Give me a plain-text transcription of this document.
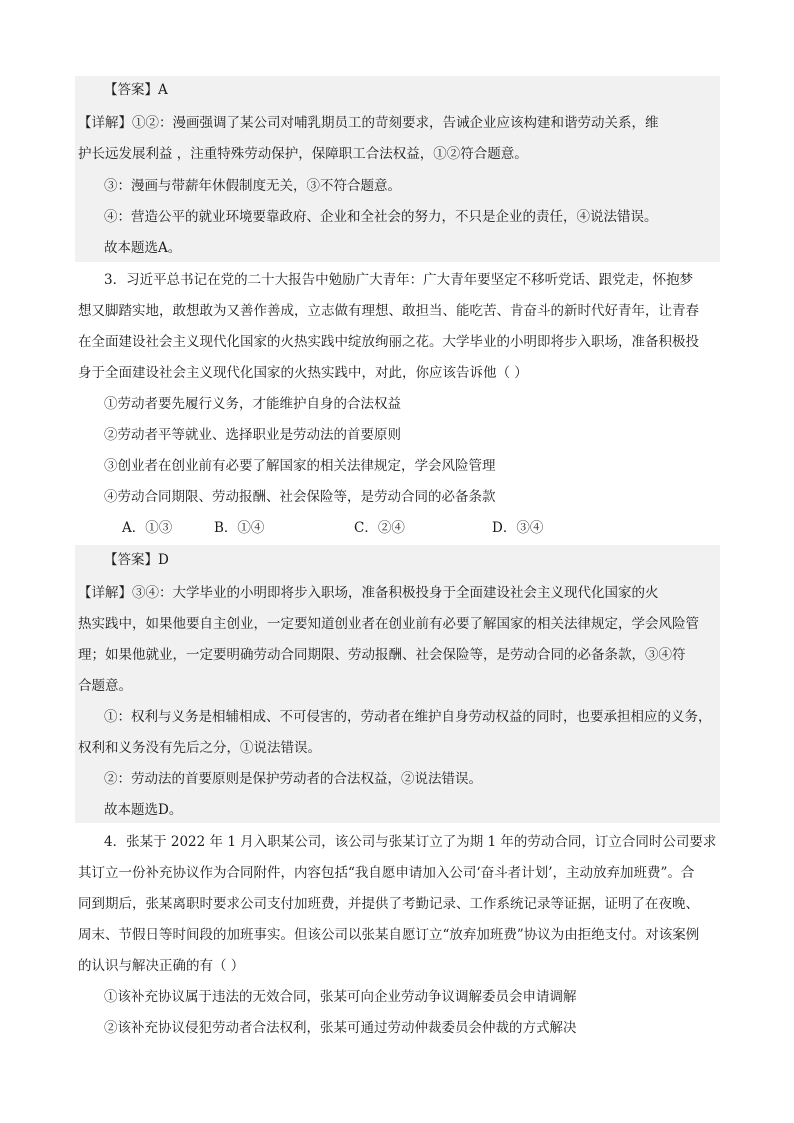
【答案】A
【详解】①②：漫画强调了某公司对哺乳期员工的苛刻要求，告诫企业应该构建和谐劳动关系，维
护长远发展利益 ，注重特殊劳动保护，保障职工合法权益，①②符合题意。
③：漫画与带薪年休假制度无关，③不符合题意。
④：营造公平的就业环境要靠政府、企业和全社会的努力，不只是企业的责任，④说法错误。
故本题选A。
3．习近平总书记在党的二十大报告中勉励广大青年：广大青年要坚定不移听党话、跟党走，怀抱梦
想又脚踏实地，敢想敢为又善作善成，立志做有理想、敢担当、能吃苦、肯奋斗的新时代好青年，让青春
在全面建设社会主义现代化国家的火热实践中绽放绚丽之花。大学毕业的小明即将步入职场，准备积极投
身于全面建设社会主义现代化国家的火热实践中，对此，你应该告诉他（ ）
①劳动者要先履行义务，才能维护自身的合法权益
②劳动者平等就业、选择职业是劳动法的首要原则
③创业者在创业前有必要了解国家的相关法律规定，学会风险管理
④劳动合同期限、劳动报酬、社会保险等，是劳动合同的必备条款
A．①③	B．①④	C．②④	D．③④
【答案】D
【详解】③④：大学毕业的小明即将步入职场，准备积极投身于全面建设社会主义现代化国家的火
热实践中，如果他要自主创业，一定要知道创业者在创业前有必要了解国家的相关法律规定，学会风险管
理；如果他就业，一定要明确劳动合同期限、劳动报酬、社会保险等，是劳动合同的必备条款，③④符
合题意。
①：权利与义务是相辅相成、不可侵害的，劳动者在维护自身劳动权益的同时，也要承担相应的义务，
权利和义务没有先后之分，①说法错误。
②：劳动法的首要原则是保护劳动者的合法权益，②说法错误。
故本题选D。
4．张某于 2022 年 1 月入职某公司，该公司与张某订立了为期 1 年的劳动合同，订立合同时公司要求
其订立一份补充协议作为合同附件，内容包括“我自愿申请加入公司‘奋斗者计划’，主动放弃加班费”。合
同到期后，张某离职时要求公司支付加班费，并提供了考勤记录、工作系统记录等证据，证明了在夜晚、
周末、节假日等时间段的加班事实。但该公司以张某自愿订立“放弃加班费”协议为由拒绝支付。对该案例
的认识与解决正确的有（ ）
①该补充协议属于违法的无效合同，张某可向企业劳动争议调解委员会申请调解
②该补充协议侵犯劳动者合法权利，张某可通过劳动仲裁委员会仲裁的方式解决
